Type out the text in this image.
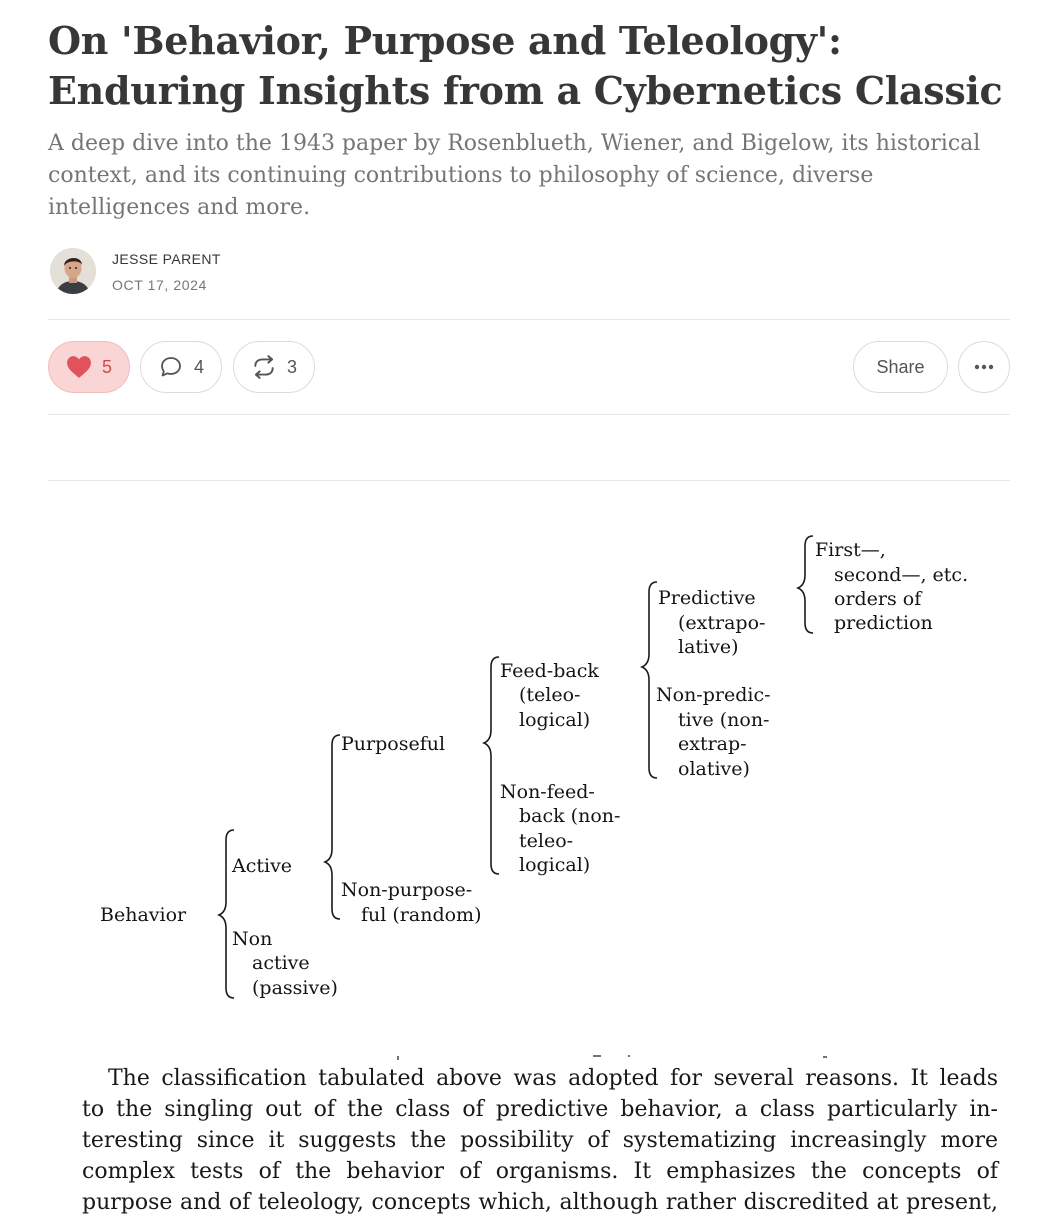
On 'Behavior, Purpose and Teleology': Enduring Insights from a Cybernetics Classic

A deep dive into the 1943 paper by Rosenblueth, Wiener, and Bigelow, its historical context, and its continuing contributions to philosophy of science, diverse intelligences and more.

JESSE PARENT
OCT 17, 2024
5	4	3	Share
Behavior
Active
Non active (passive)
Purposeful
Non-purpose- ful (random)
Feed-back (teleo- logical)
Non-feed- back (non- teleo- logical)
Predictive (extrapo- lative)
Non-predic- tive (non- extrap- olative)
First—, second—, etc. orders of prediction
The classification tabulated above was adopted for several reasons. It leads
to the singling out of the class of predictive behavior, a class particularly in-
teresting since it suggests the possibility of systematizing increasingly more
complex tests of the behavior of organisms. It emphasizes the concepts of
purpose and of teleology, concepts which, although rather discredited at present,
